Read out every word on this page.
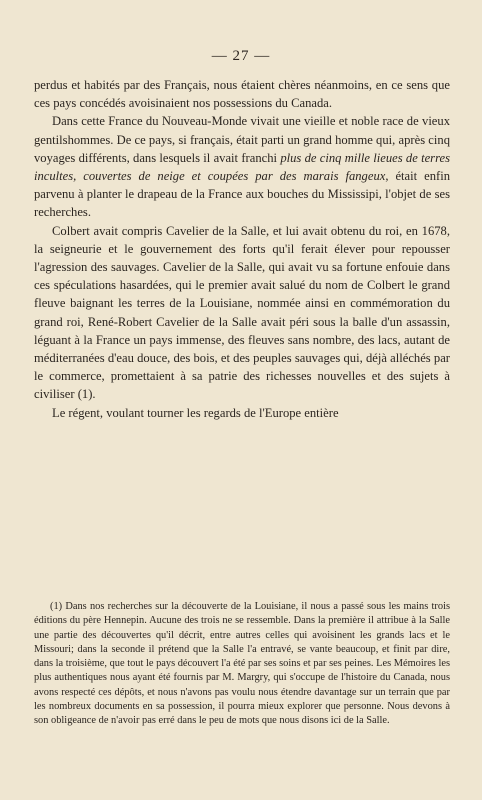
— 27 —

perdus et habités par des Français, nous étaient chères néanmoins, en ce sens que ces pays concédés avoisinaient nos possessions du Canada.

Dans cette France du Nouveau-Monde vivait une vieille et noble race de vieux gentilshommes. De ce pays, si français, était parti un grand homme qui, après cinq voyages différents, dans lesquels il avait franchi plus de cinq mille lieues de terres incultes, couvertes de neige et coupées par des marais fangeux, était enfin parvenu à planter le drapeau de la France aux bouches du Mississipi, l'objet de ses recherches.

Colbert avait compris Cavelier de la Salle, et lui avait obtenu du roi, en 1678, la seigneurie et le gouvernement des forts qu'il ferait élever pour repousser l'agression des sauvages. Cavelier de la Salle, qui avait vu sa fortune enfouie dans ces spéculations hasardées, qui le premier avait salué du nom de Colbert le grand fleuve baignant les terres de la Louisiane, nommée ainsi en commémoration du grand roi, René-Robert Cavelier de la Salle avait péri sous la balle d'un assassin, léguant à la France un pays immense, des fleuves sans nombre, des lacs, autant de méditerranées d'eau douce, des bois, et des peuples sauvages qui, déjà alléchés par le commerce, promettaient à sa patrie des richesses nouvelles et des sujets à civiliser (1).

Le régent, voulant tourner les regards de l'Europe entière

(1) Dans nos recherches sur la découverte de la Louisiane, il nous a passé sous les mains trois éditions du père Hennepin. Aucune des trois ne se ressemble. Dans la première il attribue à la Salle une partie des découvertes qu'il décrit, entre autres celles qui avoisinent les grands lacs et le Missouri; dans la seconde il prétend que la Salle l'a entravé, se vante beaucoup, et finit par dire, dans la troisième, que tout le pays découvert l'a été par ses soins et par ses peines. Les Mémoires les plus authentiques nous ayant été fournis par M. Margry, qui s'occupe de l'histoire du Canada, nous avons respecté ces dépôts, et nous n'avons pas voulu nous étendre davantage sur un terrain que par les nombreux documents en sa possession, il pourra mieux explorer que personne. Nous devons à son obligeance de n'avoir pas erré dans le peu de mots que nous disons ici de la Salle.
